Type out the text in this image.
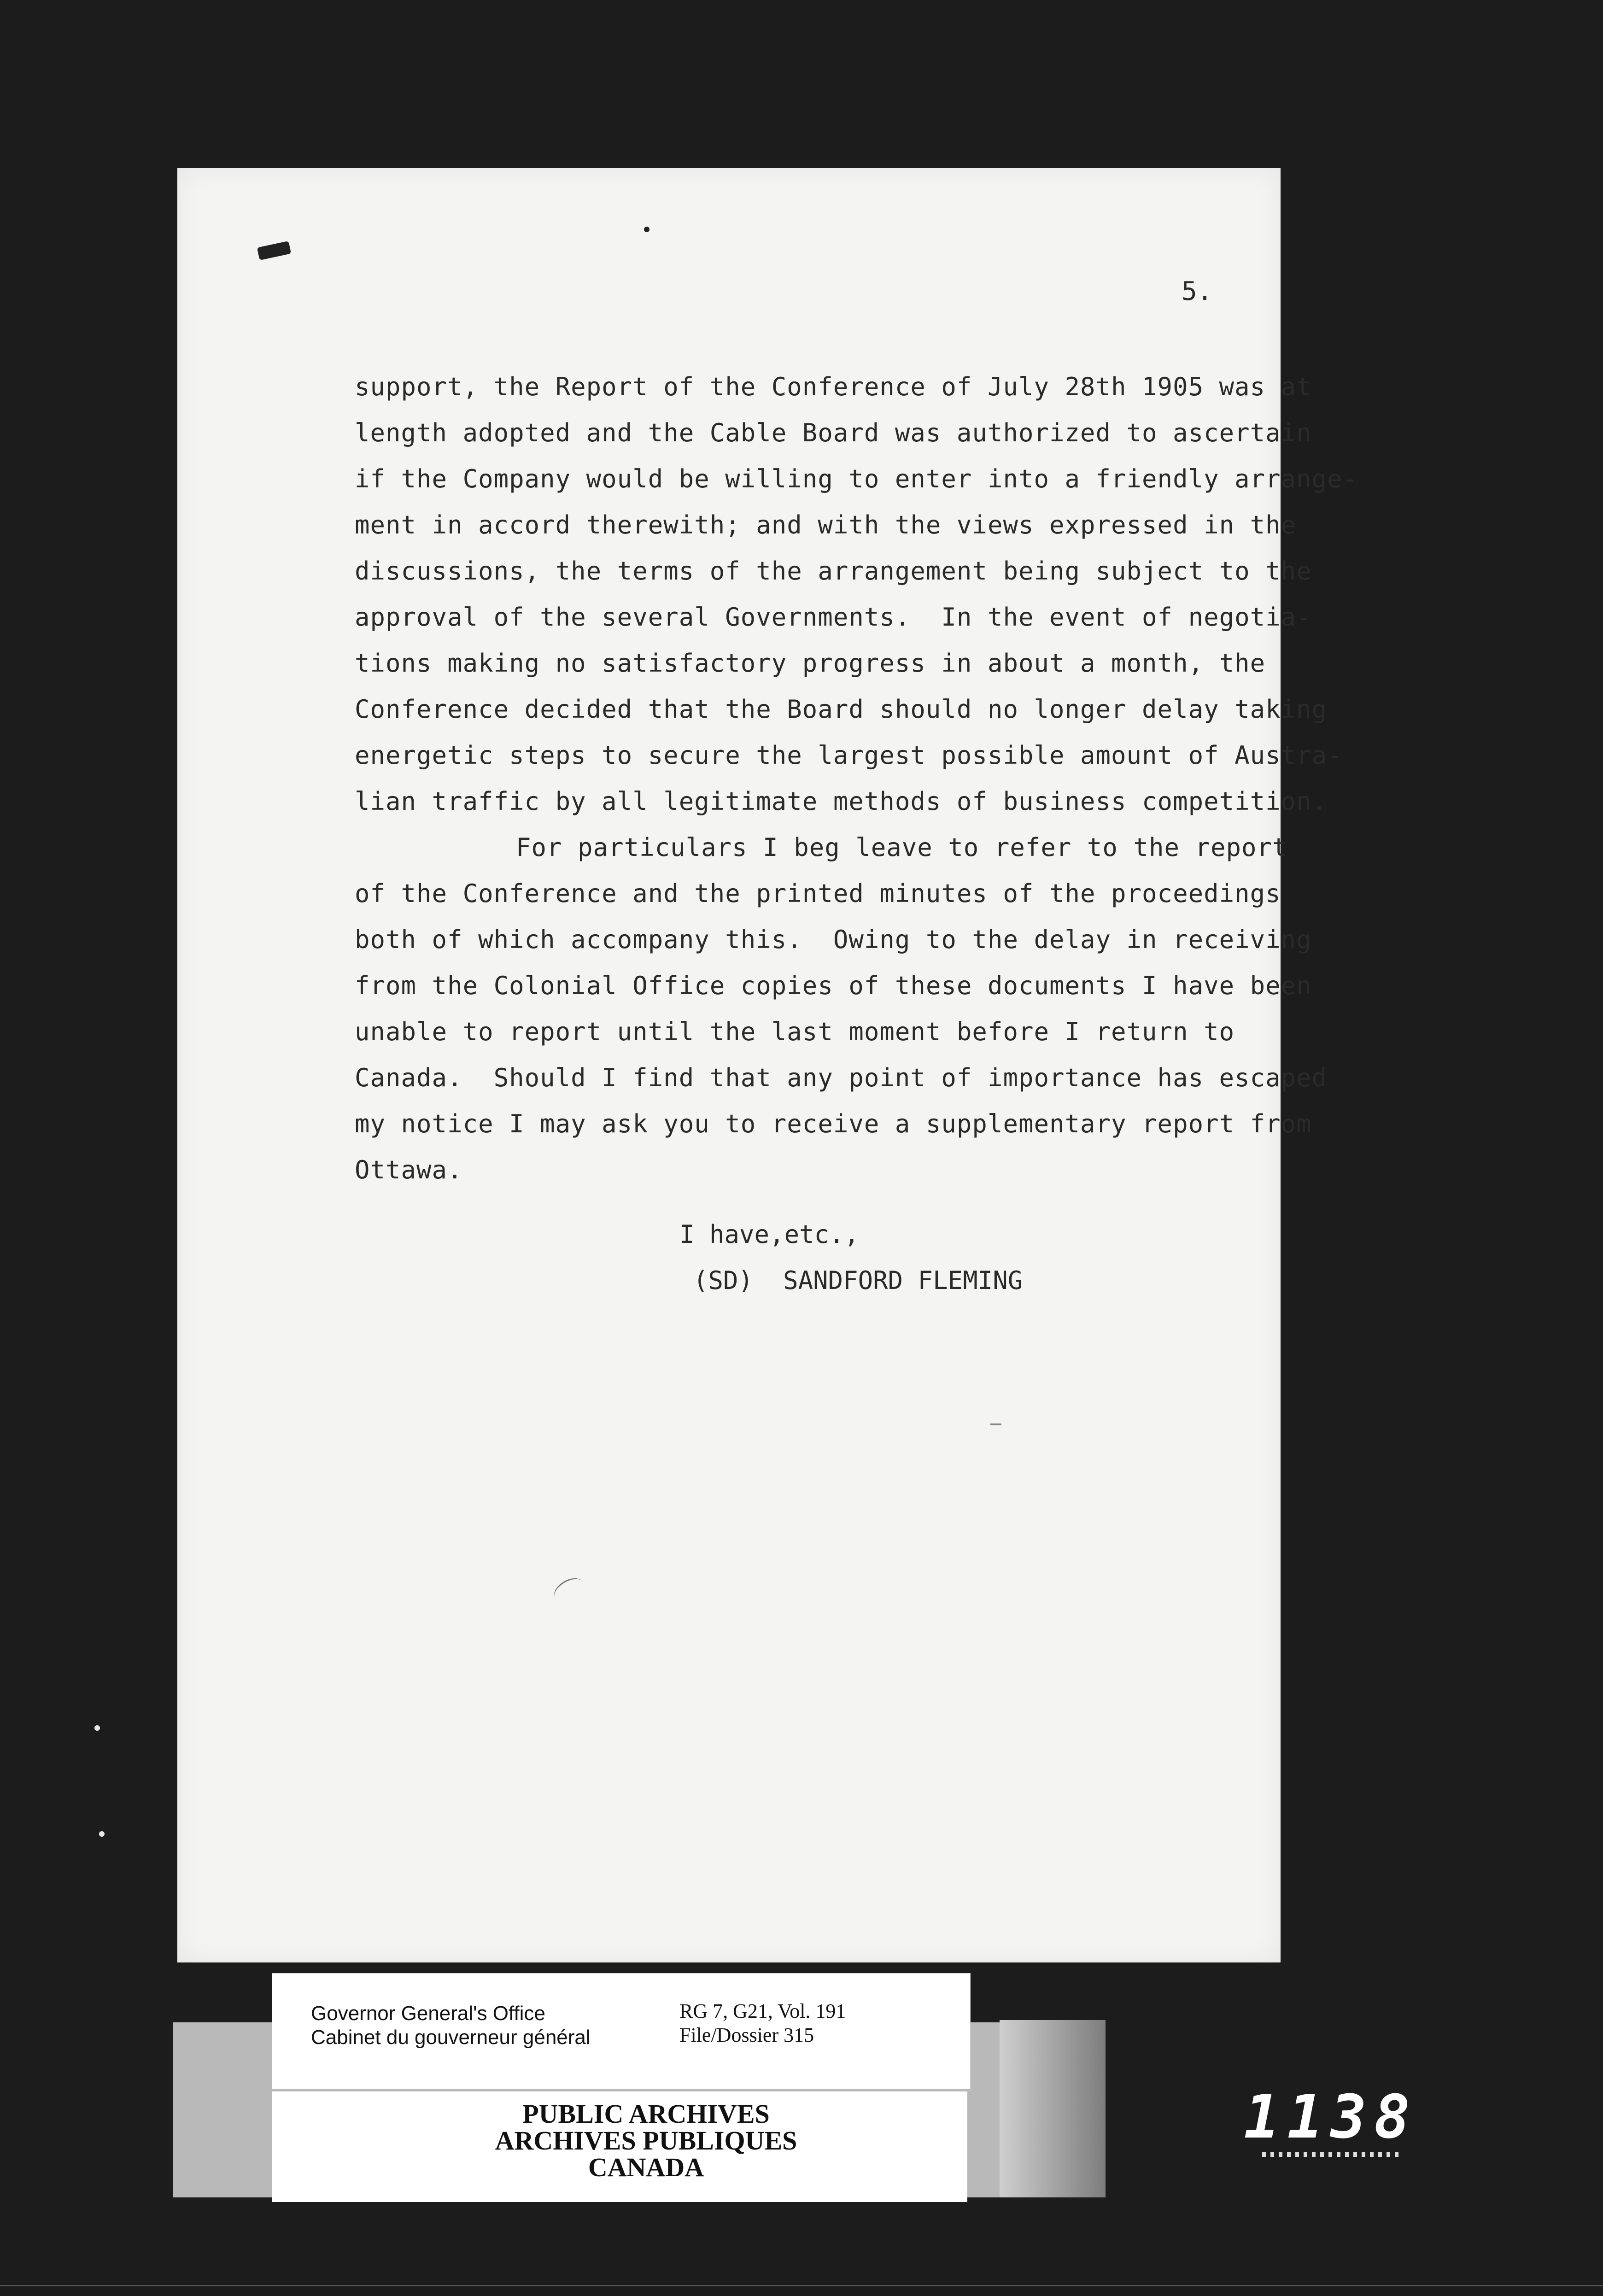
5.
support, the Report of the Conference of July 28th 1905 was at
length adopted and the Cable Board was authorized to ascertain
if the Company would be willing to enter into a friendly arrange-
ment in accord therewith; and with the views expressed in the
discussions, the terms of the arrangement being subject to the
approval of the several Governments.  In the event of negotia-
tions making no satisfactory progress in about a month, the
Conference decided that the Board should no longer delay taking
energetic steps to secure the largest possible amount of Austra-
lian traffic by all legitimate methods of business competition.
For particulars I beg leave to refer to the report
of the Conference and the printed minutes of the proceedings
both of which accompany this.  Owing to the delay in receiving
from the Colonial Office copies of these documents I have been
unable to report until the last moment before I return to
Canada.  Should I find that any point of importance has escaped
my notice I may ask you to receive a supplementary report from
Ottawa.
I have,etc.,
(SD)  SANDFORD FLEMING
Governor General's Office
Cabinet du gouverneur général
RG 7, G21, Vol. 191
File/Dossier 315
PUBLIC ARCHIVES
ARCHIVES PUBLIQUES
CANADA
1138
